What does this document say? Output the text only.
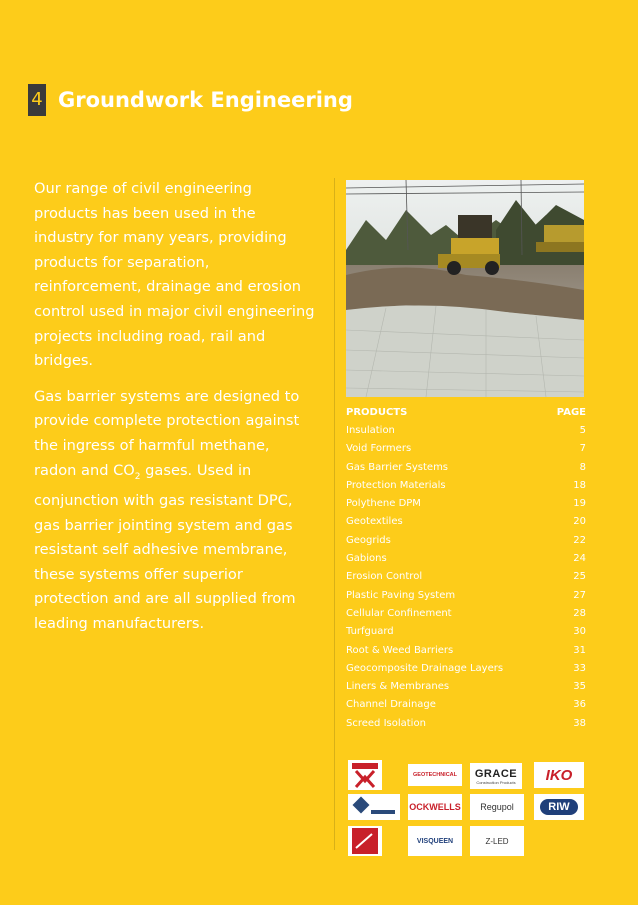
4 Groundwork Engineering

Our range of civil engineering products has been used in the industry for many years, providing products for separation, reinforcement, drainage and erosion control used in major civil engineering projects including road, rail and bridges.

Gas barrier systems are designed to provide complete protection against the ingress of harmful methane, radon and $CO_2$ gases. Used in conjunction with gas resistant DPC, gas barrier jointing system and gas resistant self adhesive membrane, these systems offer superior protection and are all supplied from leading manufacturers.

PRODUCTS	PAGE
Insulation	5
Void Formers	7
Gas Barrier Systems	8
Protection Materials	18
Polythene DPM	19
Geotextiles	20
Geogrids	22
Gabions	24
Erosion Control	25
Plastic Paving System	27
Cellular Confinement	28
Turfguard	30
Root & Weed Barriers	31
Geocomposite Drainage Layers	33
Liners & Membranes	35
Channel Drainage	36
Screed Isolation	38
GEOTECHNICAL GRACE
Construction Products IKO
OCKWELLS Regupol	RIW
VISQUEEN	Z-LED
